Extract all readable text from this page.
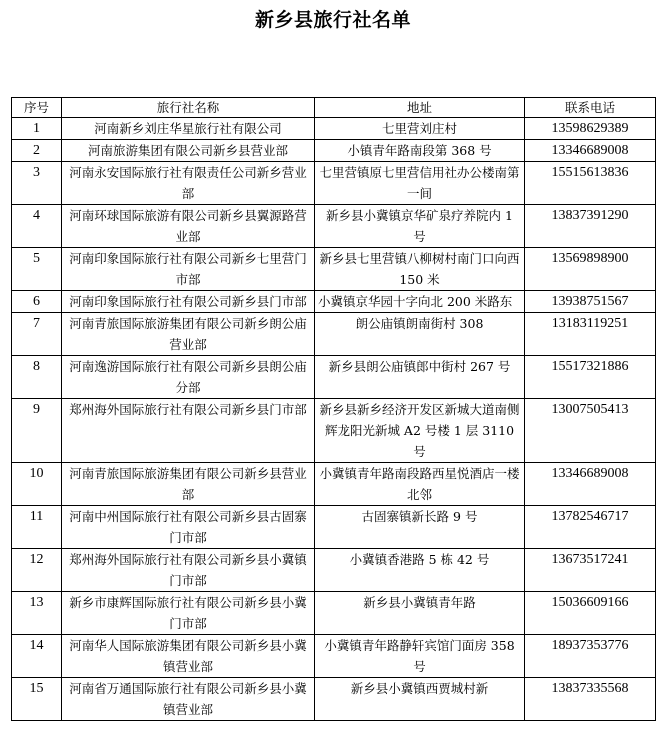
新乡县旅行社名单
序号	旅行社名称	地址	联系电话
1	河南新乡刘庄华星旅行社有限公司	七里营刘庄村	13598629389
2	河南旅游集团有限公司新乡县营业部	小镇青年路南段第 368 号	13346689008
3	河南永安国际旅行社有限责任公司新乡营业部	七里营镇原七里营信用社办公楼南第一间	15515613836
4	河南环球国际旅游有限公司新乡县翼源路营业部	新乡县小冀镇京华矿泉疗养院内 1 号	13837391290
5	河南印象国际旅行社有限公司新乡七里营门市部	新乡县七里营镇八柳树村南门口向西 150 米	13569898900
6	河南印象国际旅行社有限公司新乡县门市部	小冀镇京华园十字向北 200 米路东	13938751567
7	河南青旅国际旅游集团有限公司新乡朗公庙营业部	朗公庙镇朗南街村 308	13183119251
8	河南逸游国际旅行社有限公司新乡县朗公庙分部	新乡县朗公庙镇郎中街村 267 号	15517321886
9	郑州海外国际旅行社有限公司新乡县门市部	新乡县新乡经济开发区新城大道南侧辉龙阳光新城 A2 号楼 1 层 3110 号	13007505413
10	河南青旅国际旅游集团有限公司新乡县营业部	小冀镇青年路南段路西星悦酒店一楼北邻	13346689008
11	河南中州国际旅行社有限公司新乡县古固寨门市部	古固寨镇新长路 9 号	13782546717
12	郑州海外国际旅行社有限公司新乡县小冀镇门市部	小冀镇香港路 5 栋 42 号	13673517241
13	新乡市康辉国际旅行社有限公司新乡县小冀门市部	新乡县小冀镇青年路	15036609166
14	河南华人国际旅游集团有限公司新乡县小冀镇营业部	小冀镇青年路静轩宾馆门面房 358 号	18937353776
15	河南省万通国际旅行社有限公司新乡县小冀镇营业部	新乡县小冀镇西贾城村新	13837335568
